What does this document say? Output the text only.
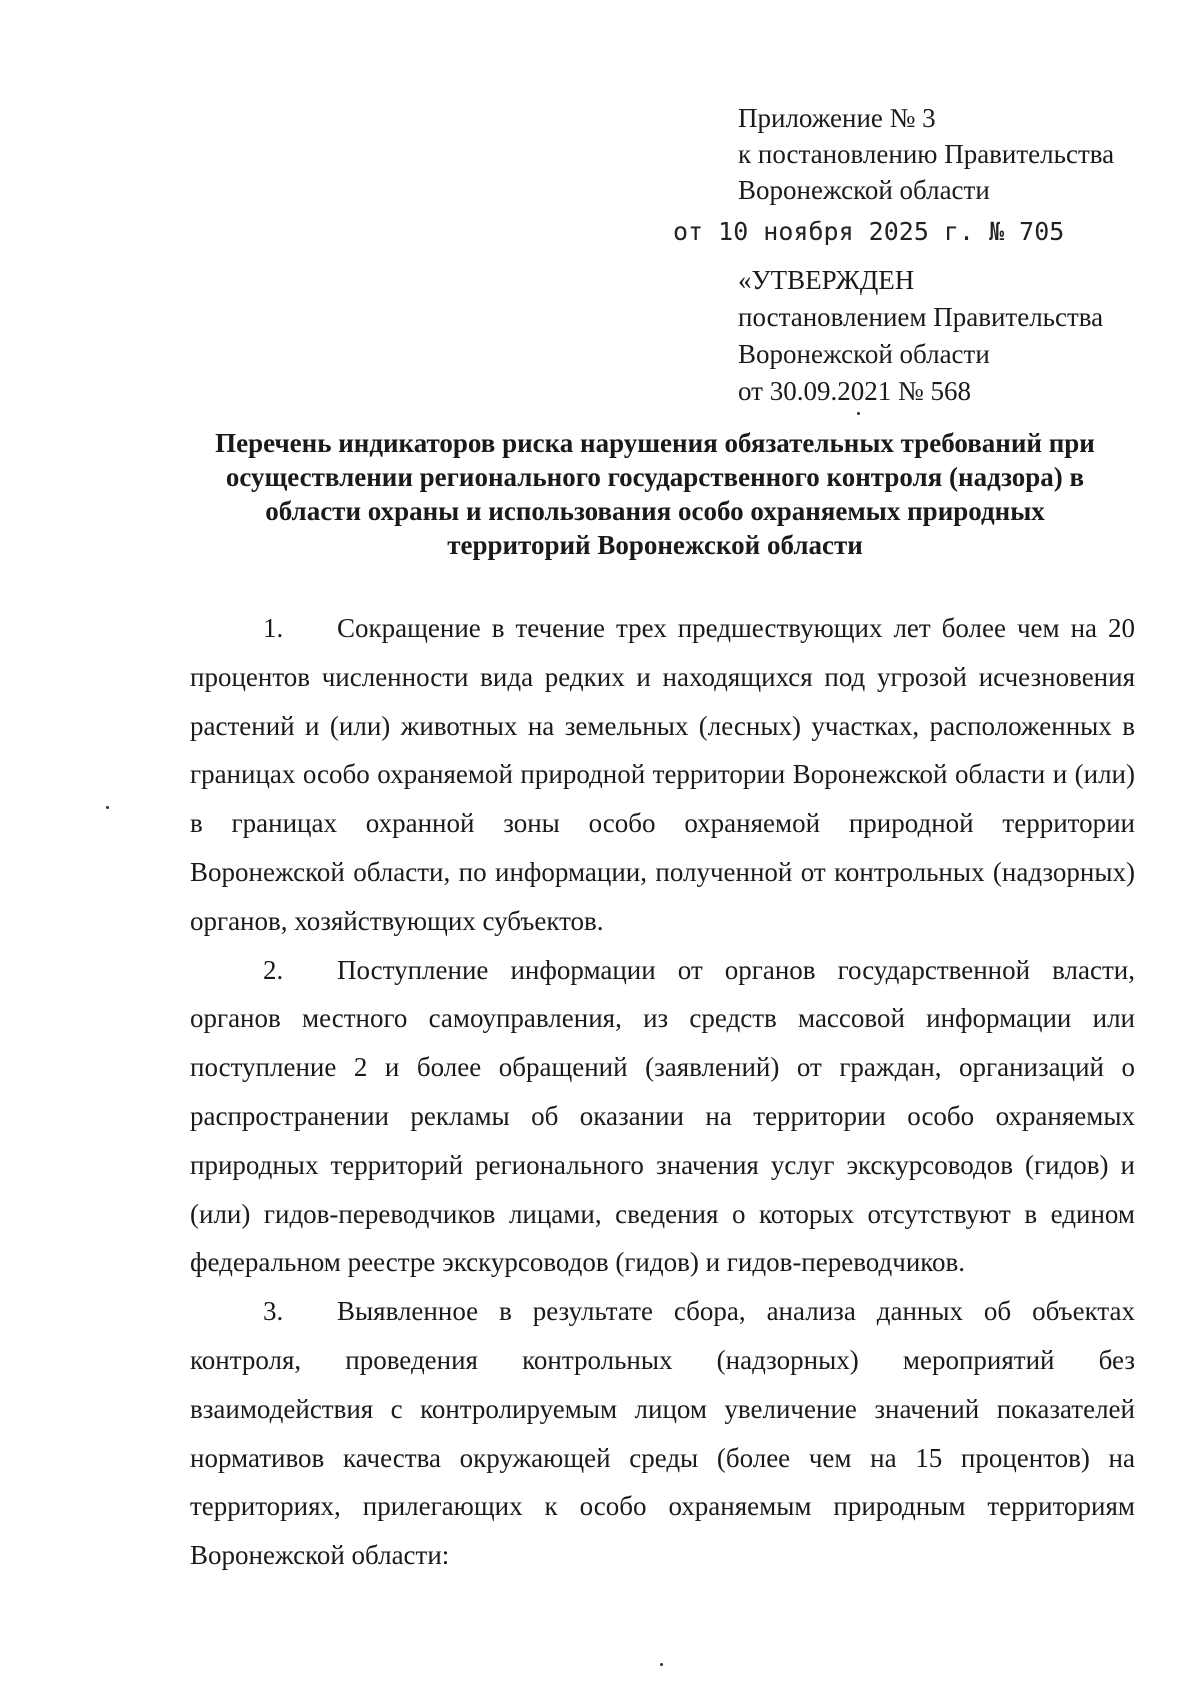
Приложение № 3
к постановлению Правительства
Воронежской области
от 10 ноября 2025 г. № 705
«УТВЕРЖДЕН
постановлением Правительства
Воронежской области
от 30.09.2021 № 568
Перечень индикаторов риска нарушения обязательных требований при
осуществлении регионального государственного контроля (надзора) в
области охраны и использования особо охраняемых природных
территорий Воронежской области

1. Сокращение в течение трех предшествующих лет более чем на 20 процентов численности вида редких и находящихся под угрозой исчезновения растений и (или) животных на земельных (лесных) участках, расположенных в границах особо охраняемой природной территории Воронежской области и (или) в границах охранной зоны особо охраняемой природной территории Воронежской области, по информации, полученной от контрольных (надзорных) органов, хозяйствующих субъектов.

2. Поступление информации от органов государственной власти, органов местного самоуправления, из средств массовой информации или поступление 2 и более обращений (заявлений) от граждан, организаций о распространении рекламы об оказании на территории особо охраняемых природных территорий регионального значения услуг экскурсоводов (гидов) и (или) гидов-переводчиков лицами, сведения о которых отсутствуют в едином федеральном реестре экскурсоводов (гидов) и гидов-переводчиков.

3. Выявленное в результате сбора, анализа данных об объектах контроля, проведения контрольных (надзорных) мероприятий без взаимодействия с контролируемым лицом увеличение значений показателей нормативов качества окружающей среды (более чем на 15 процентов) на территориях, прилегающих к особо охраняемым природным территориям Воронежской области:
